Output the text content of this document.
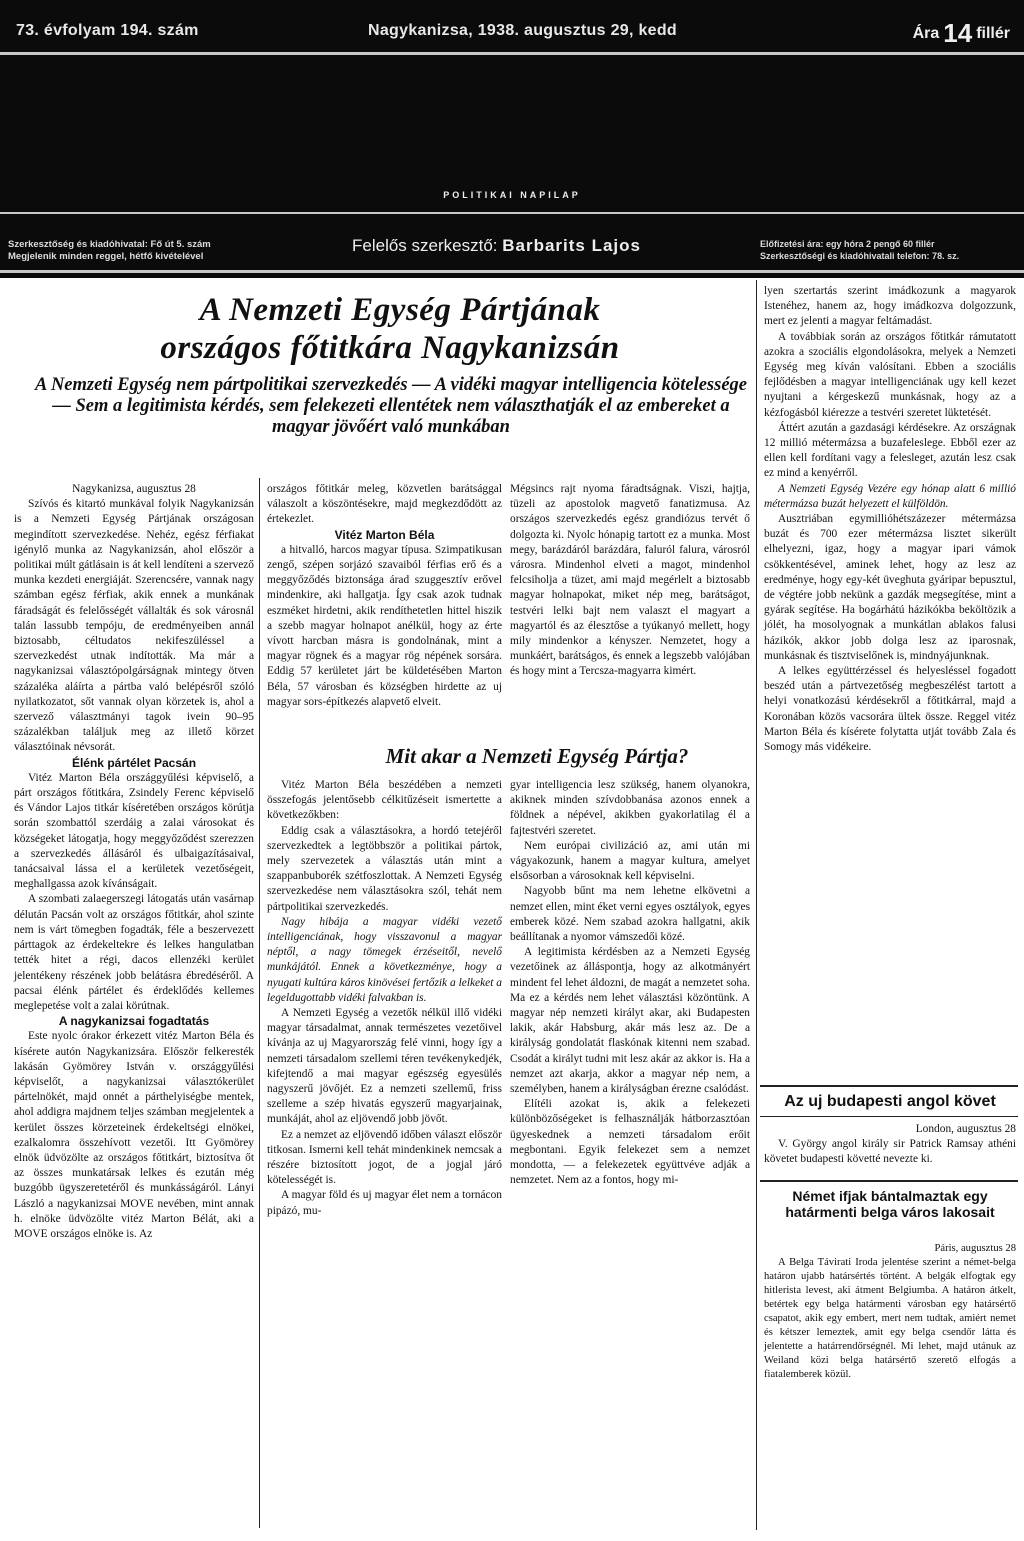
73. évfolyam 194. szám	Nagykanizsa, 1938. augusztus 29, kedd	Ára 14 fillér
POLITIKAI NAPILAP
Szerkesztőség és kiadóhivatal: Fő út 5. szám
Megjelenik minden reggel, hétfő kivételével
Felelős szerkesztő: Barbarits Lajos	Előfizetési ára: egy hóra 2 pengő 60 fillér
Szerkesztőségi és kiadóhivatali telefon: 78. sz.
A Nemzeti Egység Pártjának
országos főtitkára Nagykanizsán
A Nemzeti Egység nem pártpolitikai szervezkedés — A vidéki magyar intelligencia kötelessége — Sem a legitimista kérdés, sem felekezeti ellentétek nem választhatják el az embereket a magyar jövőért való munkában

Nagykanizsa, augusztus 28

Szívós és kitartó munkával folyik Nagykanizsán is a Nemzeti Egység Pártjának országosan megindított szervezkedése. Nehéz, egész férfiakat igénylő munka az Nagykanizsán, ahol először a politikai múlt gátlásain is át kell lendíteni a szervező munka kezdeti energiáját. Szerencsére, vannak nagy számban egész férfiak, akik ennek a munkának fáradságát és felelősségét vállalták és sok városnál talán lassubb tempóju, de eredményeiben annál biztosabb, céltudatos nekifeszüléssel a szervezkedést utnak indították. Ma már a nagykanizsai választópolgárságnak mintegy ötven százaléka aláírta a pártba való belépésről szóló nyilatkozatot, sőt vannak olyan körzetek is, ahol a szervező választmányi tagok ivein 90–95 százalékban találjuk meg az illető körzet választóinak névsorát.

Élénk pártélet Pacsán

Vitéz Marton Béla országgyűlési képviselő, a párt országos főtitkára, Zsindely Ferenc képviselő és Vándor Lajos titkár kíséretében országos körútja során szombattól szerdáig a zalai városokat és községeket látogatja, hogy meggyőződést szerezzen a szervezkedés állásáról és ulbaigazításaival, tanácsaival lássa el a kerületek vezetőségeit, meghallgassa azok kívánságait.

A szombati zalaegerszegi látogatás után vasárnap délután Pacsán volt az országos főtitkár, ahol szinte nem is várt tömegben fogadták, féle a beszervezett párttagok az érdekeltekre és lelkes hangulatban tették hitet a régi, dacos ellenzéki kerület jelentékeny részének jobb belátásra ébredéséről. A pacsai élénk pártélet és érdeklődés kellemes meglepetése volt a zalai körútnak.

A nagykanizsai fogadtatás

Este nyolc órakor érkezett vitéz Marton Béla és kísérete autón Nagykanizsára. Először felkeresték lakásán Gyömörey István v. országgyűlési képviselőt, a nagykanizsai választókerület pártelnökét, majd onnét a párthelyiségbe mentek, ahol addigra majdnem teljes számban megjelentek a kerület összes körzeteinek érdekeltségi elnökei, ezalkalomra összehívott vezetői. Itt Gyömörey elnök üdvözölte az országos főtitkárt, biztosítva őt az összes munkatársak lelkes és ezután még buzgóbb ügyszeretetéről és munkásságáról. Lányi László a nagykanizsai MOVE nevében, mint annak h. elnöke üdvözölte vitéz Marton Bélát, aki a MOVE országos elnöke is. Az

országos főtitkár meleg, közvetlen barátsággal válaszolt a köszöntésekre, majd megkezdődött az értekezlet.

Vitéz Marton Béla

a hitvalló, harcos magyar típusa. Szimpatikusan zengő, szépen sorjázó szavaiból férfias erő és a meggyőződés biztonsága árad szuggesztív erővel mindenkire, aki hallgatja. Így csak azok tudnak eszméket hirdetni, akik rendíthetetlen hittel hiszik a szebb magyar holnapot anélkül, hogy az érte vívott harcban másra is gondolnának, mint a magyar rögnek és a magyar rög népének sorsára. Eddig 57 kerületet járt be küldetésében Marton Béla, 57 városban és községben hirdette az uj magyar sors-építkezés alapvető elveit.

Mégsincs rajt nyoma fáradtságnak. Viszi, hajtja, tüzeli az apostolok magvető fanatizmusa. Az országos szervezkedés egész grandiózus tervét ő dolgozta ki. Nyolc hónapig tartott ez a munka. Most megy, barázdáról barázdára, faluról falura, városról városra. Mindenhol elveti a magot, mindenhol felcsiholja a tüzet, ami majd megérlelt a biztosabb magyar holnapokat, miket nép meg, barátságot, testvéri lelki bajt nem valaszt el magyart a magyartól és az élesztőse a tyúkanyó mellett, hogy mily mindenkor a kényszer. Nemzetet, hogy a munkáért, barátságos, és ennek a legszebb valójában és hogy mint a Tercsza-magyarra kimért.

Mit akar a Nemzeti Egység Pártja?

Vitéz Marton Béla beszédében a nemzeti összefogás jelentősebb célkitűzéseit ismertette a következőkben:

Eddig csak a választásokra, a hordó tetejéről szervezkedtek a legtöbbször a politikai pártok, mely szervezetek a választás után mint a szappanbuborék szétfoszlottak. A Nemzeti Egység szervezkedése nem választásokra szól, tehát nem pártpolitikai szervezkedés.

Nagy hibája a magyar vidéki vezető intelligenciának, hogy visszavonul a magyar néptől, a nagy tömegek érzéseitől, nevelő munkájától. Ennek a következménye, hogy a nyugati kultúra káros kinövései fertőzik a lelkeket a legeldugottabb vidéki falvakban is.

A Nemzeti Egység a vezetők nélkül illő vidéki magyar társadalmat, annak természetes vezetőivel kívánja az uj Magyarország felé vinni, hogy így a nemzeti társadalom szellemi téren tevékenykedjék, kifejtendő a mai magyar egészség egyesülés nagyszerű jövőjét. Ez a nemzeti szellemű, friss szelleme a szép hivatás egyszerű magyarjainak, munkáját, ahol az eljövendő jobb jövőt.

Ez a nemzet az eljövendő időben választ először titkosan. Ismerni kell tehát mindenkinek nemcsak a részére biztosított jogot, de a jogjal járó kötelességét is.

A magyar föld és uj magyar élet nem a tornácon pipázó, mu-

gyar intelligencia lesz szükség, hanem olyanokra, akiknek minden szívdobbanása azonos ennek a földnek a népével, akikben gyakorlatilag él a fajtestvéri szeretet.

Nem európai civilizáció az, ami után mi vágyakozunk, hanem a magyar kultura, amelyet elsősorban a városoknak kell képviselni.

Nagyobb bűnt ma nem lehetne elkövetni a nemzet ellen, mint éket verni egyes osztályok, egyes emberek közé. Nem szabad azokra hallgatni, akik beállítanak a nyomor vámszedői közé.

A legitimista kérdésben az a Nemzeti Egység vezetőinek az álláspontja, hogy az alkotmányért mindent fel lehet áldozni, de magát a nemzetet soha. Ma ez a kérdés nem lehet választási közöntünk. A magyar nép nemzeti királyt akar, aki Budapesten lakik, akár Habsburg, akár más lesz az. De a királyság gondolatát flaskónak kitenni nem szabad. Csodát a királyt tudni mit lesz akár az akkor is. Ha a nemzet azt akarja, akkor a magyar nép nem, a személyben, hanem a királyságban érezne csalódást.

Elítéli azokat is, akik a felekezeti különbözőségeket is felhasználják hátborzasztóan ügyeskednek a nemzeti társadalom erőit megbontani. Egyik felekezet sem a nemzet mondotta, — a felekezetek együttvéve adják a nemzetet. Nem az a fontos, hogy mi-

lyen szertartás szerint imádkozunk a magyarok Istenéhez, hanem az, hogy imádkozva dolgozzunk, mert ez jelenti a magyar feltámadást.

A továbbiak során az országos főtitkár rámutatott azokra a szociális elgondolásokra, melyek a Nemzeti Egység meg kíván valósítani. Ebben a szociális fejlődésben a magyar intelligenciának ugy kell kezet nyujtani a kérgeskezű munkásnak, hogy az a kézfogásból kiérezze a testvéri szeretet lüktetését.

Áttért azután a gazdasági kérdésekre. Az országnak 12 millió métermázsa a buzafeleslege. Ebből ezer az ellen kell fordítani vagy a felesleget, azután lesz csak ez mind a kenyérről.

A Nemzeti Egység Vezére egy hónap alatt 6 millió métermázsa buzát helyezett el külföldön.

Ausztriában egymillióhétszázezer métermázsa buzát és 700 ezer métermázsa lisztet sikerült elhelyezni, igaz, hogy a magyar ipari vámok csökkentésével, aminek lehet, hogy az lesz az eredménye, hogy egy-két üveghuta gyáripar bepusztul, de végtére jobb nekünk a gazdák megsegítése, mint a gyárak segítése. Ha bogárhátú házikókba beköltözik a jólét, ha mosolyognak a munkátlan ablakos falusi házikók, akkor jobb dolga lesz az iparosnak, munkásnak és tisztviselőnek is, mindnyájunknak.

A lelkes együttérzéssel és helyesléssel fogadott beszéd után a pártvezetőség megbeszélést tartott a helyi vonatkozású kérdésekről a főtitkárral, majd a Koronában közös vacsorára ültek össze. Reggel vitéz Marton Béla és kísérete folytatta utját tovább Zala és Somogy más vidékeire.

Az uj budapesti angol követ

London, augusztus 28

V. György angol király sir Patrick Ramsay athéni követet budapesti követté nevezte ki.

Német ifjak bántalmaztak egy határmenti belga város lakosait

Páris, augusztus 28

A Belga Távirati Iroda jelentése szerint a német-belga határon ujabb határsértés történt. A belgák elfogtak egy hitlerista levest, aki átment Belgiumba. A határon átkelt, betértek egy belga határmenti városban egy határsértő csapatot, akik egy embert, mert nem tudtak, amiért nemet és kétszer lemeztek, amit egy belga csendőr látta és jelentette a határrendőrségnél. Mi lehet, majd utánuk az Weiland közi belga határsértő szerető elfogás a fiatalemberek közül.
